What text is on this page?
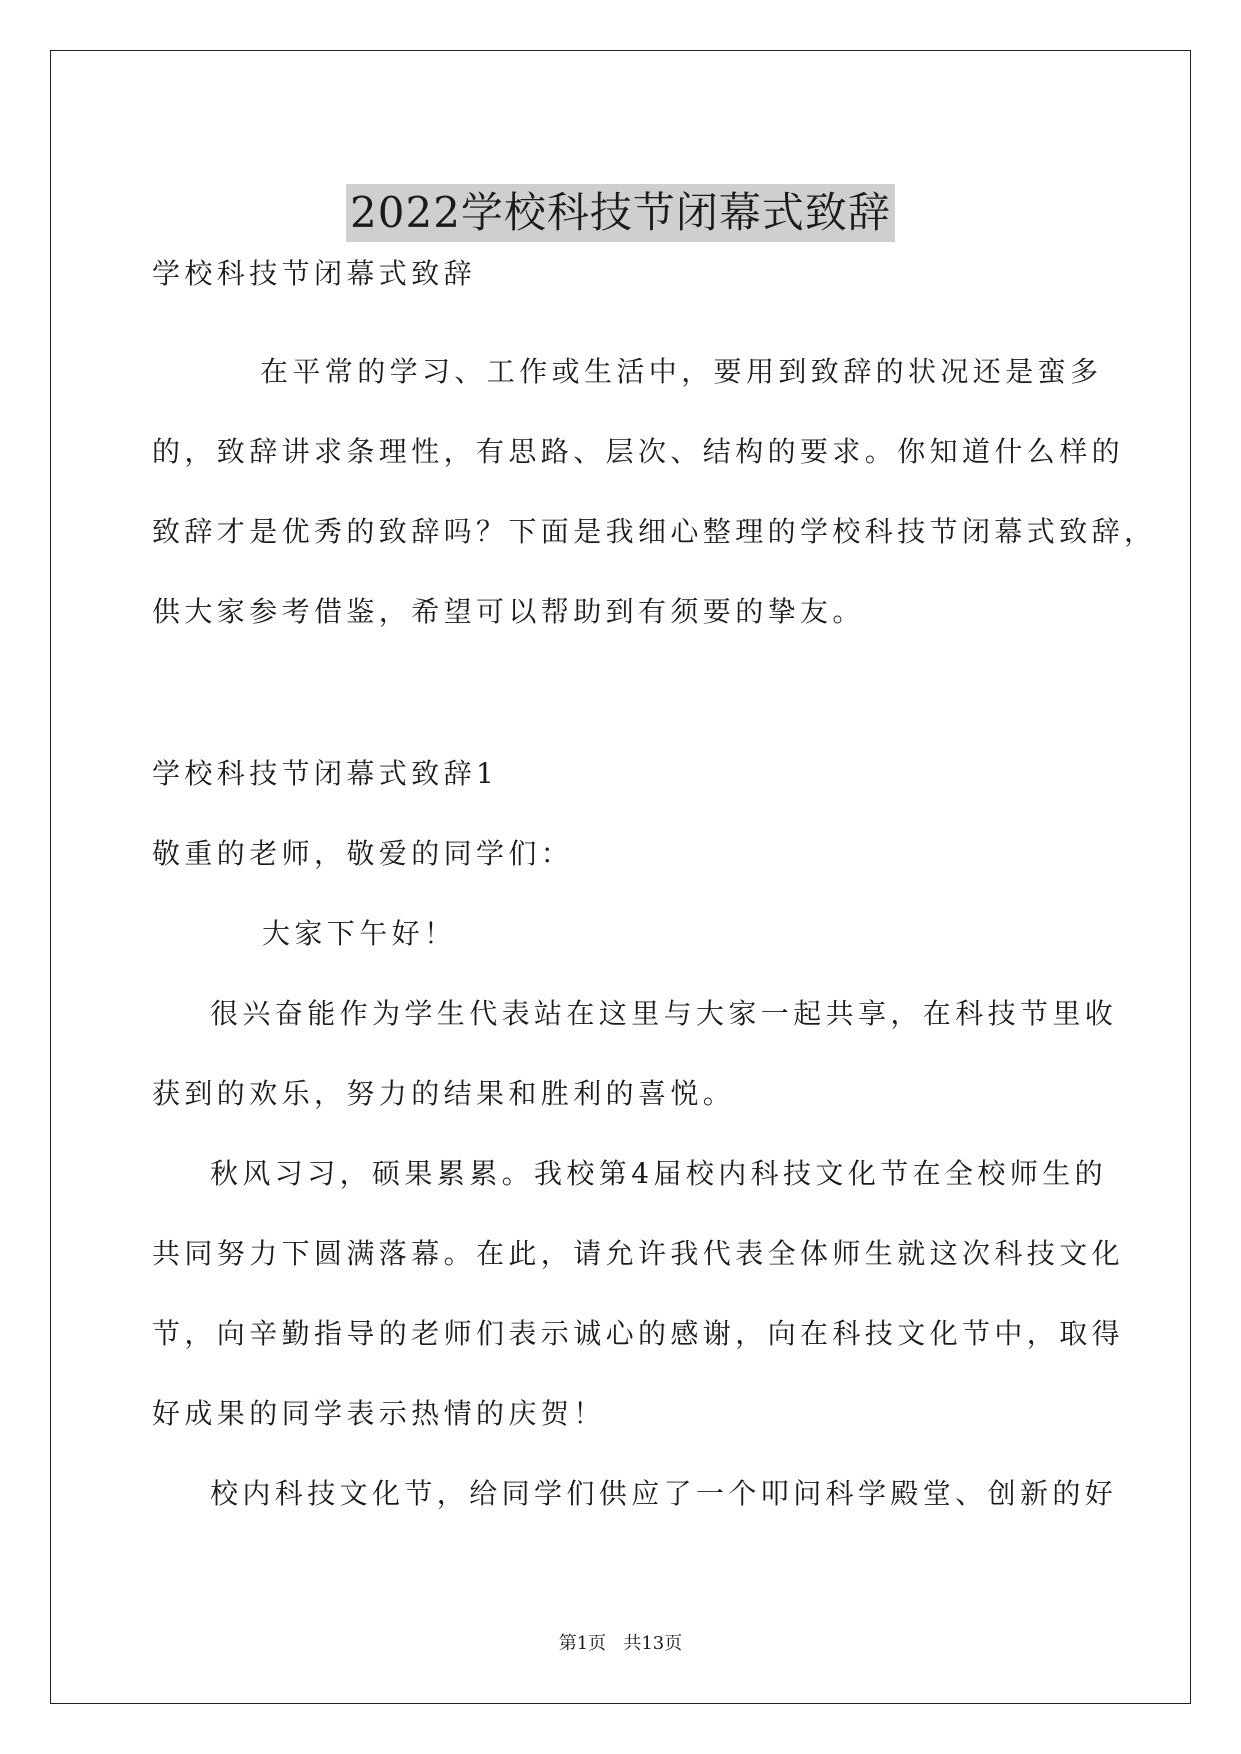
2022学校科技节闭幕式致辞
学校科技节闭幕式致辞
在平常的学习、工作或生活中，要用到致辞的状况还是蛮多
的，致辞讲求条理性，有思路、层次、结构的要求。你知道什么样的
致辞才是优秀的致辞吗？下面是我细心整理的学校科技节闭幕式致辞，
供大家参考借鉴，希望可以帮助到有须要的挚友。
学校科技节闭幕式致辞1
敬重的老师，敬爱的同学们：
大家下午好！
很兴奋能作为学生代表站在这里与大家一起共享，在科技节里收
获到的欢乐，努力的结果和胜利的喜悦。
秋风习习，硕果累累。我校第4届校内科技文化节在全校师生的
共同努力下圆满落幕。在此，请允许我代表全体师生就这次科技文化
节，向辛勤指导的老师们表示诚心的感谢，向在科技文化节中，取得
好成果的同学表示热情的庆贺！
校内科技文化节，给同学们供应了一个叩问科学殿堂、创新的好
第1页   共13页
